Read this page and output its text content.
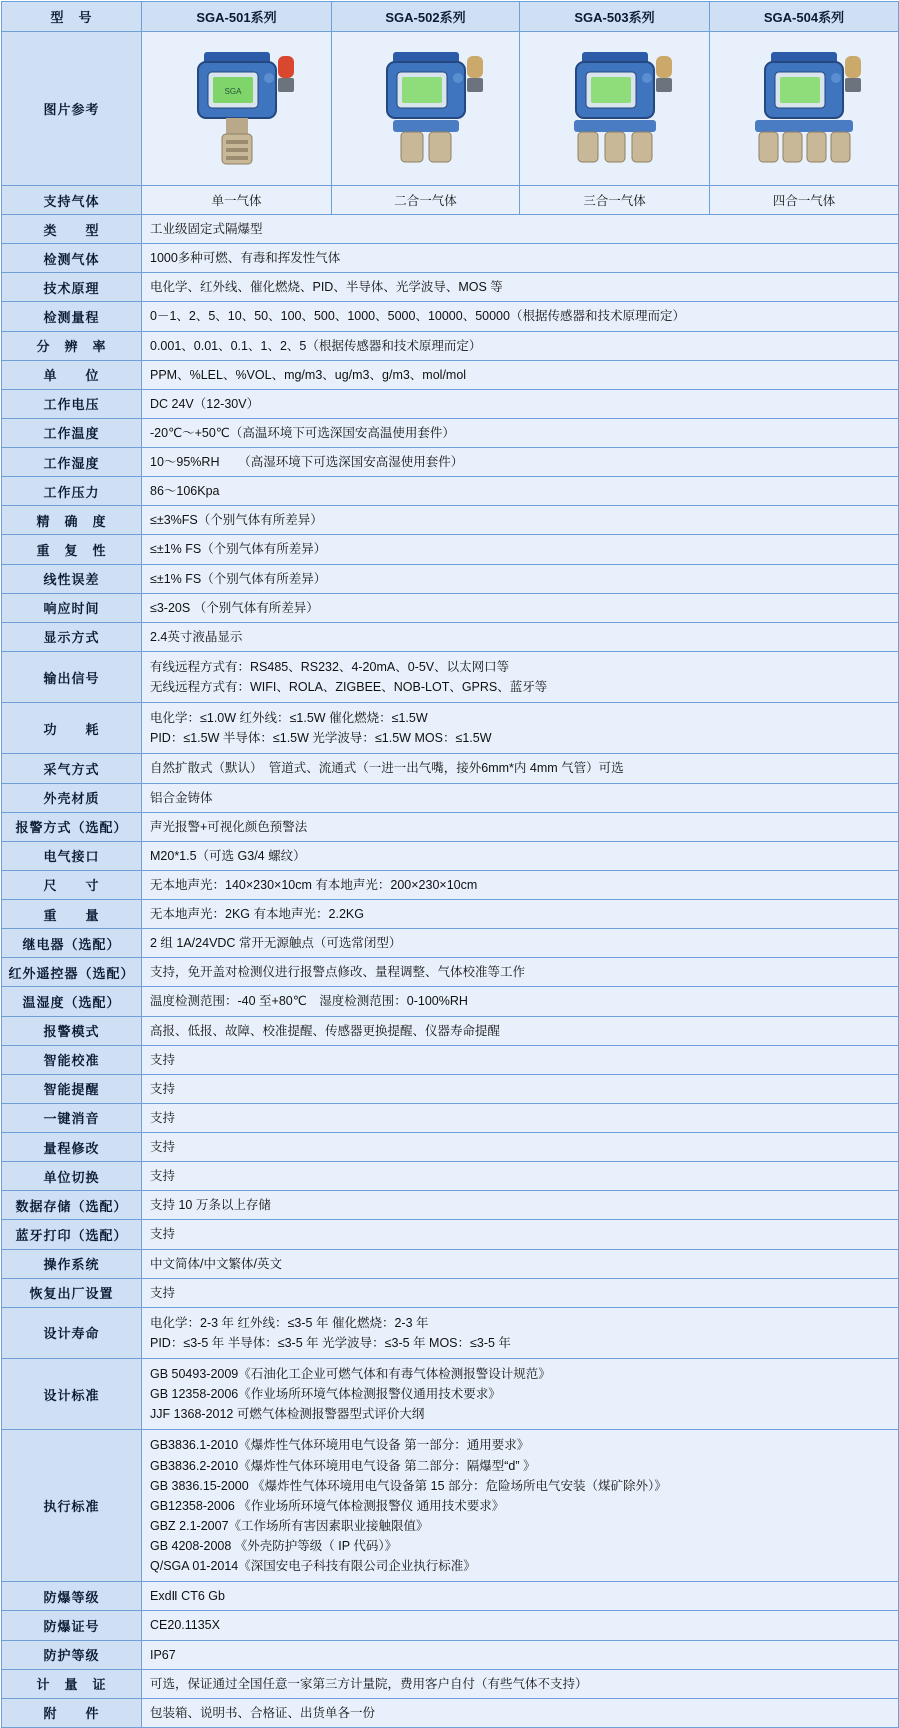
型　号	SGA-501系列	SGA-502系列	SGA-503系列	SGA-504系列
图片参考	SGA

支持气体	单一气体	二合一气体	三合一气体	四合一气体
类　　型	工业级固定式隔爆型			
检测气体	1000多种可燃、有毒和挥发性气体			
技术原理	电化学、红外线、催化燃烧、PID、半导体、光学波导、MOS 等			
检测量程	0－1、2、5、10、50、100、500、1000、5000、10000、50000（根据传感器和技术原理而定）			
分　辨　率	0.001、0.01、0.1、1、2、5（根据传感器和技术原理而定）			
单　　位	PPM、%LEL、%VOL、mg/m3、ug/m3、g/m3、mol/mol			
工作电压	DC 24V（12-30V）			
工作温度	-20℃～+50℃（高温环境下可选深国安高温使用套件）			
工作湿度	10～95%RH　　（高湿环境下可选深国安高湿使用套件）			
工作压力	86～106Kpa			
精　确　度	≤±3%FS（个别气体有所差异）			
重　复　性	≤±1% FS（个别气体有所差异）			
线性误差	≤±1% FS（个别气体有所差异）			
响应时间	≤3-20S （个别气体有所差异）			
显示方式	2.4英寸液晶显示			
输出信号	有线远程方式有：RS485、RS232、4-20mA、0-5V、以太网口等
无线远程方式有：WIFI、ROLA、ZIGBEE、NOB-LOT、GPRS、蓝牙等			

功　　耗	电化学：≤1.0W 红外线：≤1.5W 催化燃烧：≤1.5W
PID：≤1.5W 半导体：≤1.5W 光学波导：≤1.5W MOS：≤1.5W			

采气方式	自然扩散式（默认）　管道式、流通式（一进一出气嘴，接外6mm*内 4mm 气管）可选			
外壳材质	铝合金铸体			
报警方式（选配）	声光报警+可视化颜色预警法			
电气接口	M20*1.5（可选 G3/4 螺纹）			
尺　　寸	无本地声光：140×230×10cm 有本地声光：200×230×10cm			
重　　量	无本地声光：2KG 有本地声光：2.2KG			
继电器（选配）	2 组 1A/24VDC 常开无源触点（可选常闭型）			
红外遥控器（选配）	支持，免开盖对检测仪进行报警点修改、量程调整、气体校准等工作			
温湿度（选配）	温度检测范围：-40 至+80℃　湿度检测范围：0-100%RH			
报警模式	高报、低报、故障、校准提醒、传感器更换提醒、仪器寿命提醒			
智能校准	支持			
智能提醒	支持			
一键消音	支持			
量程修改	支持			
单位切换	支持			
数据存储（选配）	支持 10 万条以上存储			
蓝牙打印（选配）	支持			
操作系统	中文简体/中文繁体/英文			
恢复出厂设置	支持			
设计寿命	电化学：2-3 年 红外线：≤3-5 年 催化燃烧：2-3 年
PID：≤3-5 年 半导体：≤3-5 年 光学波导：≤3-5 年 MOS：≤3-5 年			

设计标准	GB 50493-2009《石油化工企业可燃气体和有毒气体检测报警设计规范》
GB 12358-2006《作业场所环境气体检测报警仪通用技术要求》
JJF 1368-2012 可燃气体检测报警器型式评价大纲			

执行标准	
GB3836.1-2010《爆炸性气体环境用电气设备 第一部分：通用要求》
GB3836.2-2010《爆炸性气体环境用电气设备 第二部分：隔爆型“d” 》
GB 3836.15-2000 《爆炸性气体环境用电气设备第 15 部分：危险场所电气安装（煤矿除外）》
GB12358-2006 《作业场所环境气体检测报警仪 通用技术要求》
GBZ 2.1-2007《工作场所有害因素职业接触限值》
GB 4208-2008 《外壳防护等级（ IP 代码）》
Q/SGA 01-2014《深国安电子科技有限公司企业执行标准》

防爆等级	ExdⅡ CT6 Gb			
防爆证号	CE20.1135X			
防护等级	IP67			
计　量　证	可选，保证通过全国任意一家第三方计量院，费用客户自付（有些气体不支持）			
附　　件	包装箱、说明书、合格证、出货单各一份			
